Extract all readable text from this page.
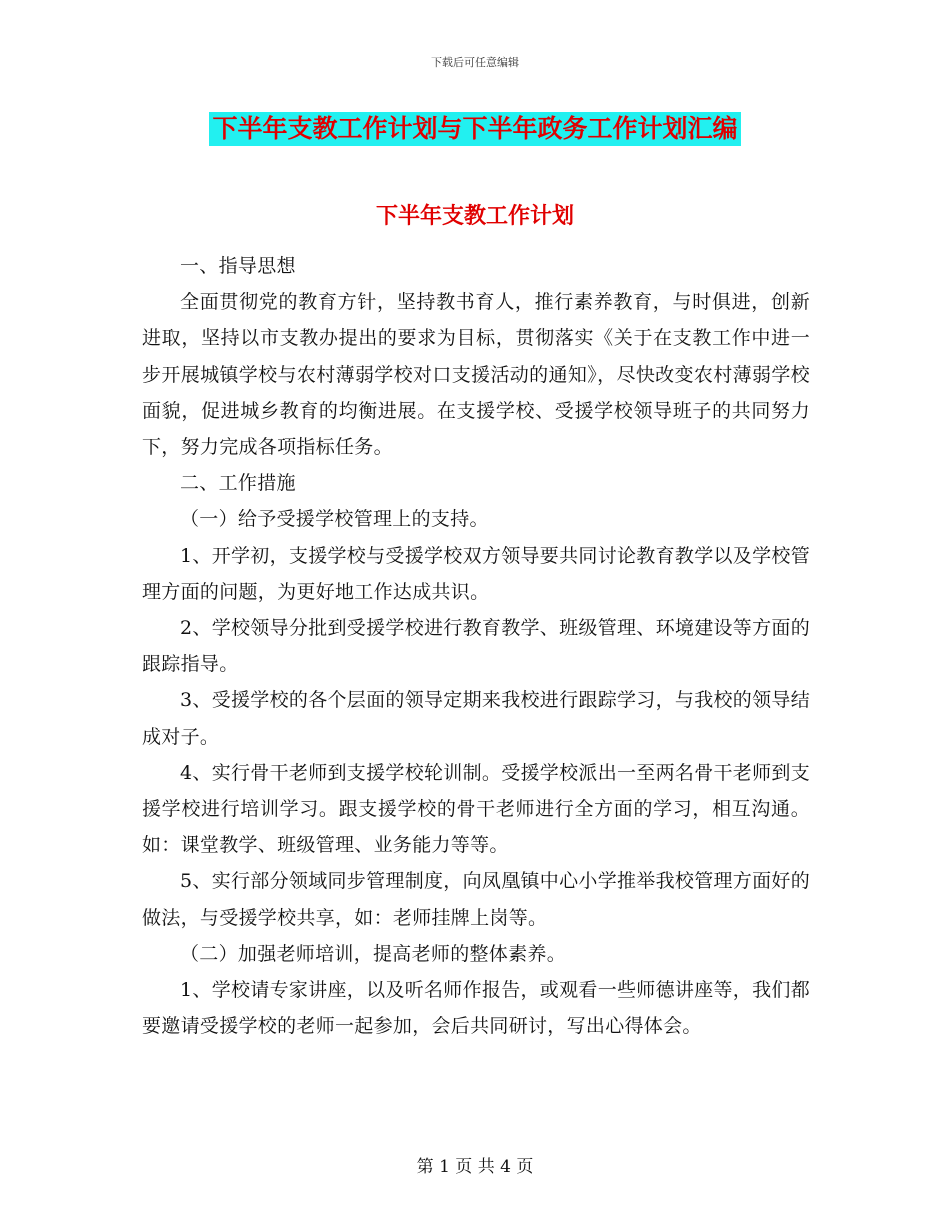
下载后可任意编辑
下半年支教工作计划与下半年政务工作计划汇编
下半年支教工作计划

一、指导思想

全面贯彻党的教育方针，坚持教书育人，推行素养教育，与时俱进，创新进取，坚持以市支教办提出的要求为目标，贯彻落实《关于在支教工作中进一步开展城镇学校与农村薄弱学校对口支援活动的通知》，尽快改变农村薄弱学校面貌，促进城乡教育的均衡进展。在支援学校、受援学校领导班子的共同努力下，努力完成各项指标任务。

二、工作措施

（一）给予受援学校管理上的支持。

1、开学初，支援学校与受援学校双方领导要共同讨论教育教学以及学校管理方面的问题，为更好地工作达成共识。

2、学校领导分批到受援学校进行教育教学、班级管理、环境建设等方面的跟踪指导。

3、受援学校的各个层面的领导定期来我校进行跟踪学习，与我校的领导结成对子。

4、实行骨干老师到支援学校轮训制。受援学校派出一至两名骨干老师到支援学校进行培训学习。跟支援学校的骨干老师进行全方面的学习，相互沟通。如：课堂教学、班级管理、业务能力等等。

5、实行部分领域同步管理制度，向凤凰镇中心小学推举我校管理方面好的做法，与受援学校共享，如：老师挂牌上岗等。

（二）加强老师培训，提高老师的整体素养。

1、学校请专家讲座，以及听名师作报告，或观看一些师德讲座等，我们都要邀请受援学校的老师一起参加，会后共同研讨，写出心得体会。

第 1 页 共 4 页
